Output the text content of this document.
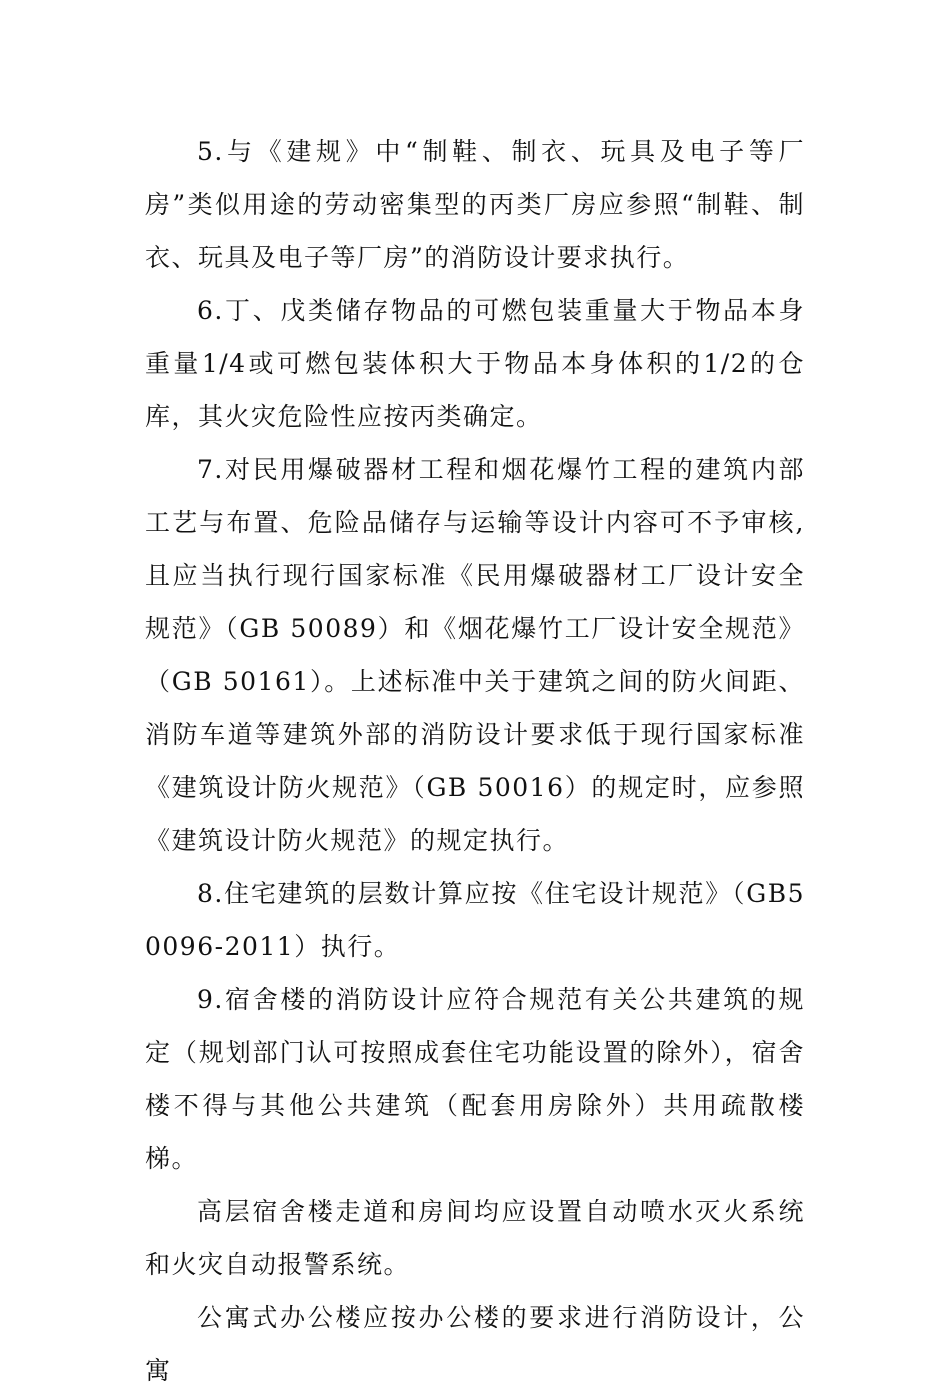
5.与《建规》中“制鞋、制衣、玩具及电子等厂房”类似用途的劳动密集型的丙类厂房应参照“制鞋、制衣、玩具及电子等厂房”的消防设计要求执行。

6.丁、戊类储存物品的可燃包装重量大于物品本身重量1/4或可燃包装体积大于物品本身体积的1/2的仓库，其火灾危险性应按丙类确定。

7.对民用爆破器材工程和烟花爆竹工程的建筑内部工艺与布置、危险品储存与运输等设计内容可不予审核,且应当执行现行国家标准《民用爆破器材工厂设计安全规范》（GB 50089）和《烟花爆竹工厂设计安全规范》（GB 50161）。上述标准中关于建筑之间的防火间距、消防车道等建筑外部的消防设计要求低于现行国家标准《建筑设计防火规范》（GB 50016）的规定时，应参照《建筑设计防火规范》的规定执行。

8.住宅建筑的层数计算应按《住宅设计规范》（GB50096-2011）执行。

9.宿舍楼的消防设计应符合规范有关公共建筑的规定（规划部门认可按照成套住宅功能设置的除外），宿舍楼不得与其他公共建筑（配套用房除外）共用疏散楼梯。

高层宿舍楼走道和房间均应设置自动喷水灭火系统和火灾自动报警系统。

公寓式办公楼应按办公楼的要求进行消防设计，公寓
